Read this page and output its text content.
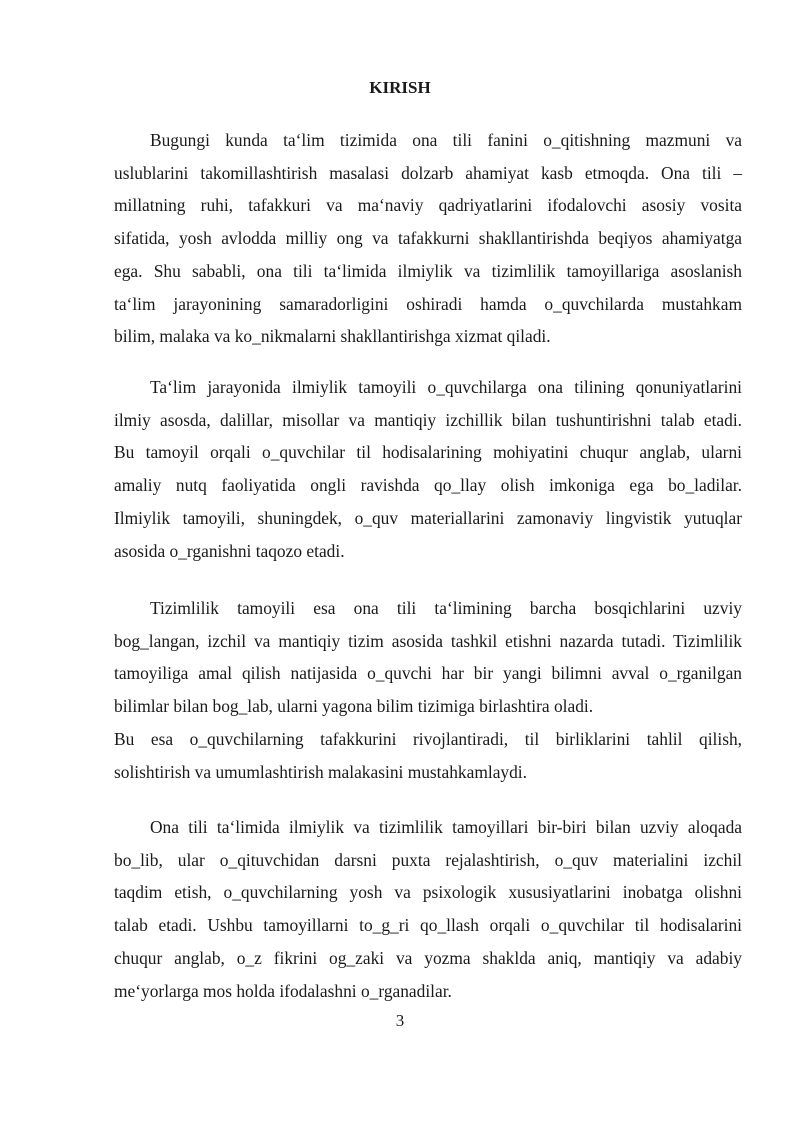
KIRISH
Bugungi kunda ta‘lim tizimida ona tili fanini o_qitishning mazmuni va
uslublarini takomillashtirish masalasi dolzarb ahamiyat kasb etmoqda. Ona tili –
millatning ruhi, tafakkuri va ma‘naviy qadriyatlarini ifodalovchi asosiy vosita
sifatida, yosh avlodda milliy ong va tafakkurni shakllantirishda beqiyos ahamiyatga
ega. Shu sababli, ona tili ta‘limida ilmiylik va tizimlilik tamoyillariga asoslanish
ta‘lim jarayonining samaradorligini oshiradi hamda o_quvchilarda mustahkam
bilim, malaka va ko_nikmalarni shakllantirishga xizmat qiladi.
Ta‘lim jarayonida ilmiylik tamoyili o_quvchilarga ona tilining qonuniyatlarini
ilmiy asosda, dalillar, misollar va mantiqiy izchillik bilan tushuntirishni talab etadi.
Bu tamoyil orqali o_quvchilar til hodisalarining mohiyatini chuqur anglab, ularni
amaliy nutq faoliyatida ongli ravishda qo_llay olish imkoniga ega bo_ladilar.
Ilmiylik tamoyili, shuningdek, o_quv materiallarini zamonaviy lingvistik yutuqlar
asosida o_rganishni taqozo etadi.
Tizimlilik tamoyili esa ona tili ta‘limining barcha bosqichlarini uzviy
bog_langan, izchil va mantiqiy tizim asosida tashkil etishni nazarda tutadi. Tizimlilik
tamoyiliga amal qilish natijasida o_quvchi har bir yangi bilimni avval o_rganilgan
bilimlar bilan bog_lab, ularni yagona bilim tizimiga birlashtira oladi.
Bu esa o_quvchilarning tafakkurini rivojlantiradi, til birliklarini tahlil qilish,
solishtirish va umumlashtirish malakasini mustahkamlaydi.
Ona tili ta‘limida ilmiylik va tizimlilik tamoyillari bir-biri bilan uzviy aloqada
bo_lib, ular o_qituvchidan darsni puxta rejalashtirish, o_quv materialini izchil
taqdim etish, o_quvchilarning yosh va psixologik xususiyatlarini inobatga olishni
talab etadi. Ushbu tamoyillarni to_g_ri qo_llash orqali o_quvchilar til hodisalarini
chuqur anglab, o_z fikrini og_zaki va yozma shaklda aniq, mantiqiy va adabiy
me‘yorlarga mos holda ifodalashni o_rganadilar.
3
